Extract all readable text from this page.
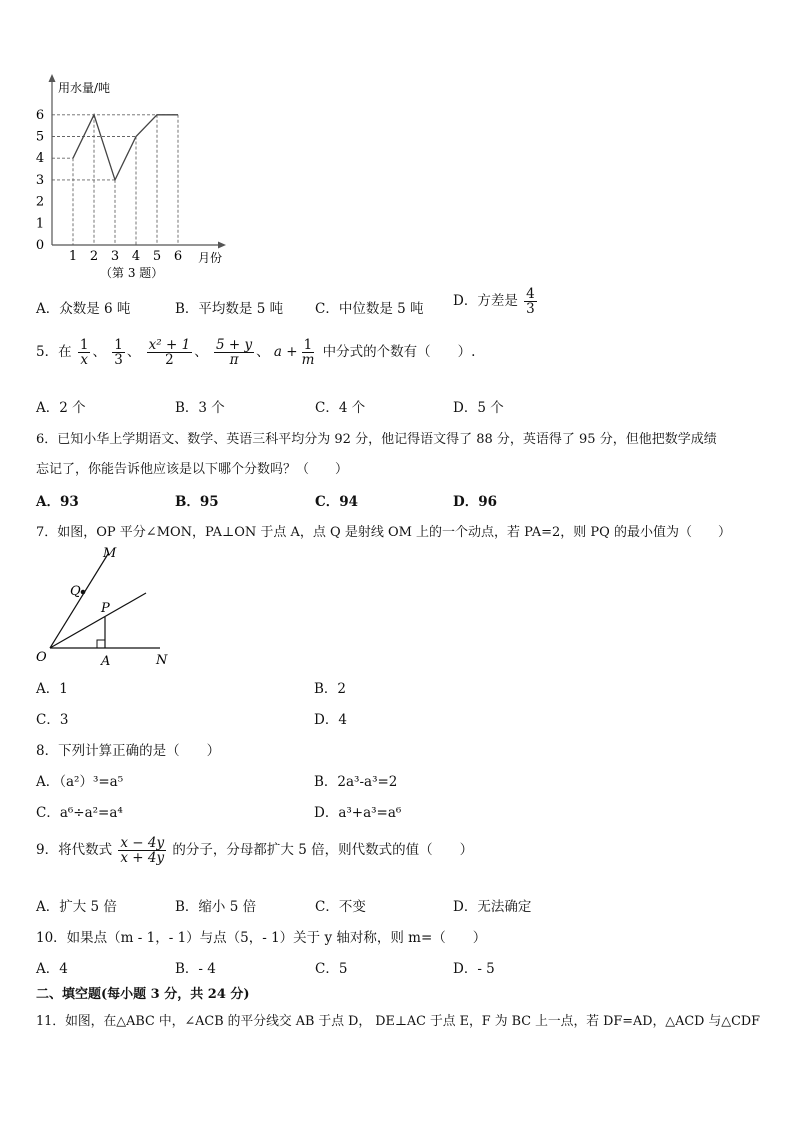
0
1
2
3
4
5
6
1 2 3 4 5 6
用水量/吨
月份
（第 3 题）
A．众数是 6 吨	B．平均数是 5 吨 C．中位数是 5 吨 D．方差是 $\frac{4}{3}$
5．在 $\frac{1}{x}$ 、 $\frac{1}{3}$ 、 $\frac{\text{x² + 1}}{2}$ 、 $\frac{5 + y}{\pi}$ 、 $a + \frac{1}{m}$ 中分式的个数有（　　）.
A．2 个	B．3 个	C．4 个	D．5 个
6．已知小华上学期语文、数学、英语三科平均分为 92 分，他记得语文得了 88 分，英语得了 95 分，但他把数学成绩
忘记了，你能告诉他应该是以下哪个分数吗？（　　）
A．93	B．95	C．94	D．96
7．如图，OP 平分∠MON，PA⊥ON 于点 A，点 Q 是射线 OM 上的一个动点，若 PA=2，则 PQ 的最小值为（　　）
M
Q
P
O	A	N
A．1	B．2
C．3	D．4
8．下列计算正确的是（　　）
A．（a²）³=a⁵	B．2a³-a³=2
C．a⁶÷a²=a⁴	D．a³+a³=a⁶
9．将代数式 $\frac{x - 4y}{x + 4y}$ 的分子，分母都扩大 5 倍，则代数式的值（　　）
A．扩大 5 倍	B．缩小 5 倍	C．不变	D．无法确定
10．如果点（m - 1，- 1）与点（5，- 1）关于 y 轴对称，则 m=（　　）
A．4	B．- 4	C．5	D．- 5
二、填空题(每小题 3 分，共 24 分)
11．如图，在△ABC 中，∠ACB 的平分线交 AB 于点 D， DE⊥AC 于点 E，F 为 BC 上一点，若 DF=AD，△ACD 与△CDF
